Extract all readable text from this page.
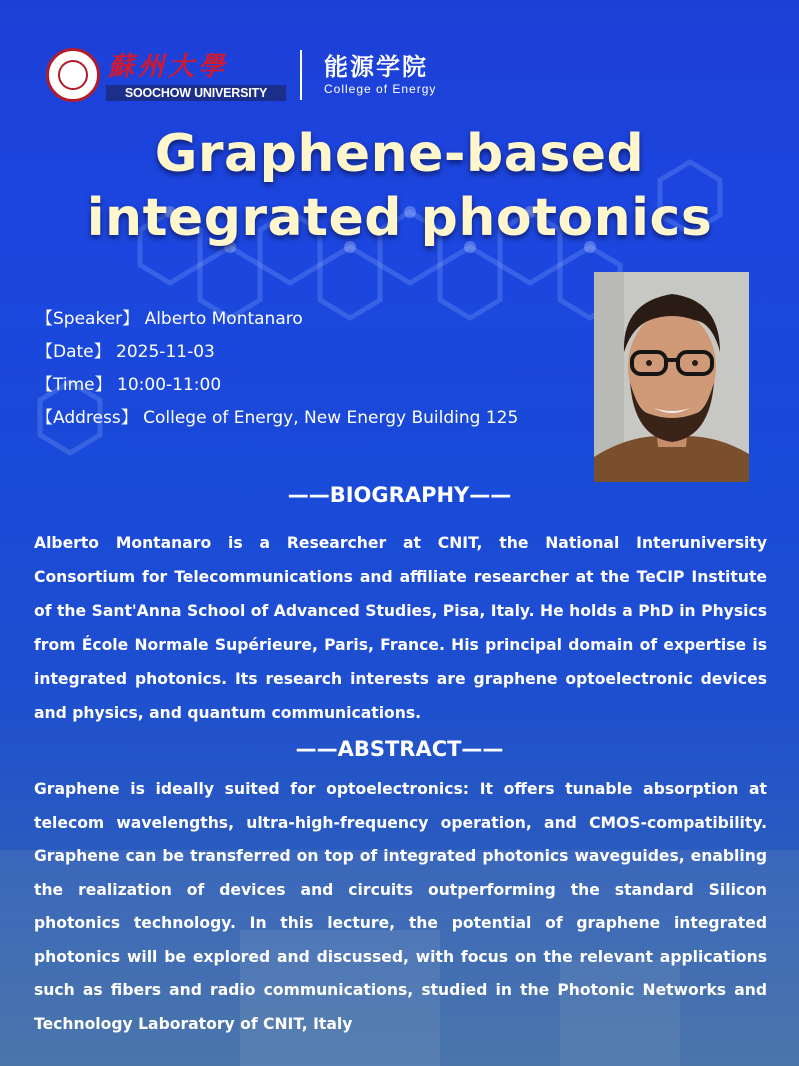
蘇州大學
SOOCHOW UNIVERSITY
能源学院
College of Energy
Graphene-based
integrated photonics
【Speaker】 Alberto Montanaro
【Date】 2025-11-03
【Time】 10:00-11:00
【Address】 College of Energy, New Energy Building 125
——BIOGRAPHY——

Alberto Montanaro is a Researcher at CNIT, the National Interuniversity Consortium for Telecommunications and affiliate researcher at the TeCIP Institute of the Sant'Anna School of Advanced Studies, Pisa, Italy. He holds a PhD in Physics from École Normale Supérieure, Paris, France. His principal domain of expertise is integrated photonics. Its research interests are graphene optoelectronic devices and physics, and quantum communications.

——ABSTRACT——

Graphene is ideally suited for optoelectronics: It offers tunable absorption at telecom wavelengths, ultra-high-frequency operation, and CMOS-compatibility. Graphene can be transferred on top of integrated photonics waveguides, enabling the realization of devices and circuits outperforming the standard Silicon photonics technology. In this lecture, the potential of graphene integrated photonics will be explored and discussed, with focus on the relevant applications such as fibers and radio communications, studied in the Photonic Networks and Technology Laboratory of CNIT, Italy
